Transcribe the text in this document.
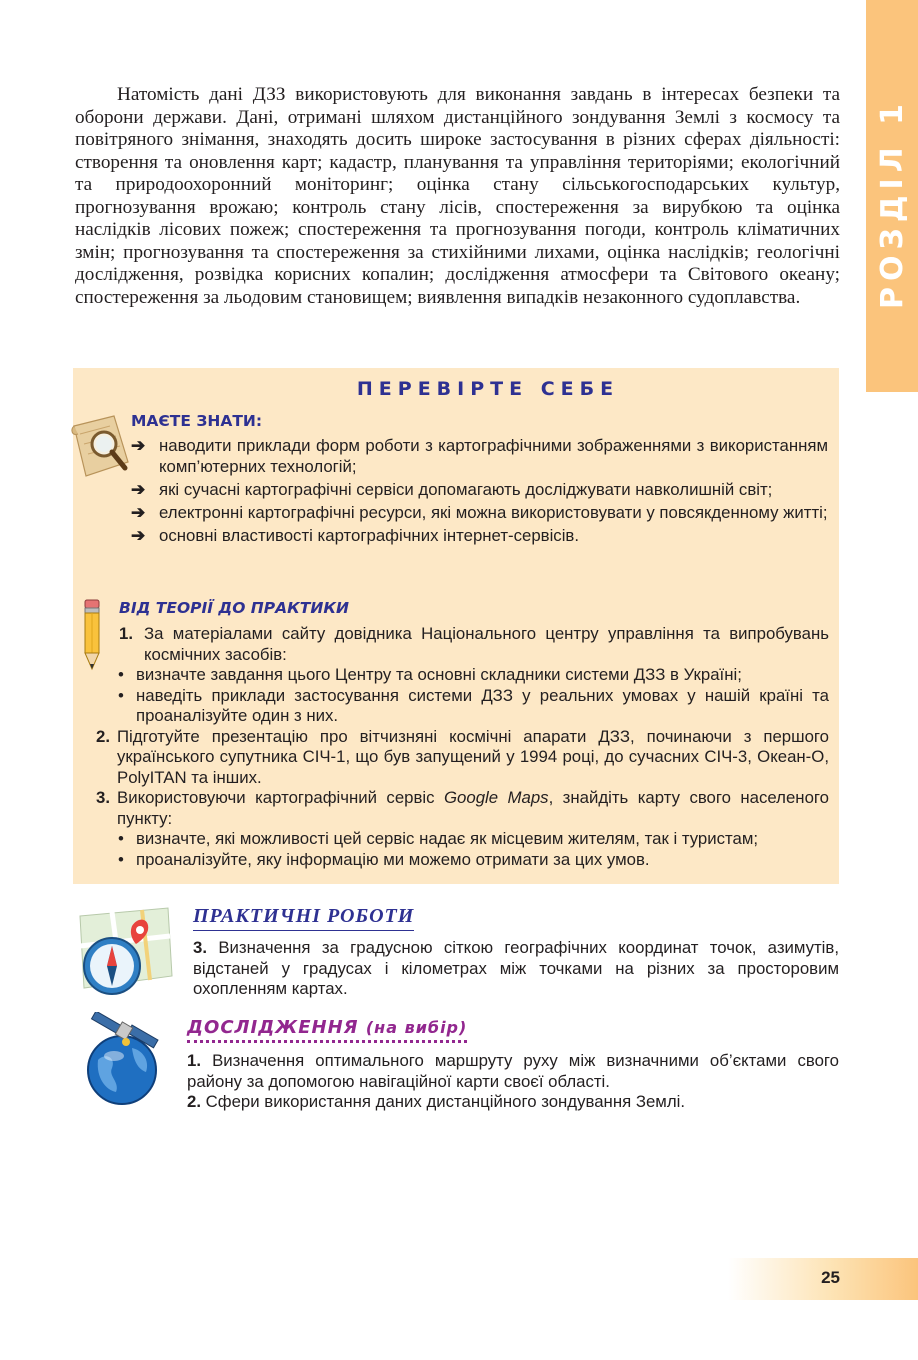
РОЗДІЛ 1

Натомість дані ДЗЗ використовують для виконання завдань в інтересах безпеки та оборони держави. Дані, отримані шляхом дистанційного зондування Землі з космосу та повітряного знімання, знаходять досить широке застосування в різних сферах діяльності: створення та оновлення карт; кадастр, планування та управління територіями; екологічний та природоохоронний моніторинг; оцінка стану сільськогосподарських культур, прогнозування врожаю; контроль стану лісів, спостереження за вирубкою та оцінка наслідків лісових пожеж; спостереження та прогнозування погоди, контроль кліматичних змін; прогнозування та спостереження за стихійними лихами, оцінка наслідків; геологічні дослідження, розвідка корисних копалин; дослідження атмосфери та Світового океану; спостереження за льодовим становищем; виявлення випадків незаконного судоплавства.

ПЕРЕВІРТЕ СЕБЕ
МАЄТЕ ЗНАТИ:
➔ наводити приклади форм роботи з картографічними зображеннями з використанням комп’ютерних технологій;
➔ які сучасні картографічні сервіси допомагають досліджувати навколишній світ;
➔ електронні картографічні ресурси, які можна використовувати у повсякденному житті;
➔ основні властивості картографічних інтернет-сервісів.
ВІД ТЕОРІЇ ДО ПРАКТИКИ
1. За матеріалами сайту довідника Національного центру управління та випробувань космічних засобів:
• визначте завдання цього Центру та основні складники системи ДЗЗ в Україні;
• наведіть приклади застосування системи ДЗЗ у реальних умовах у нашій країні та проаналізуйте один з них.
2. Підготуйте презентацію про вітчизняні космічні апарати ДЗЗ, починаючи з першого українського супутника СІЧ-1, що був запущений у 1994 році, до сучасних СІЧ-3, Океан-О, PolyITAN та інших.
3. Використовуючи картографічний сервіс Google Maps, знайдіть карту свого населеного пункту:
• визначте, які можливості цей сервіс надає як місцевим жителям, так і туристам;
• проаналізуйте, яку інформацію ми можемо отримати за цих умов.
ПРАКТИЧНІ РОБОТИ
3. Визначення за градусною сіткою географічних координат точок, азимутів, відстаней у градусах і кілометрах між точками на різних за просторовим охопленням картах.
ДОСЛІДЖЕННЯ (на вибір)
1. Визначення оптимального маршруту руху між визначними об’єктами свого району за допомогою навігаційної карти своєї області.
2. Сфери використання даних дистанційного зондування Землі.
25
